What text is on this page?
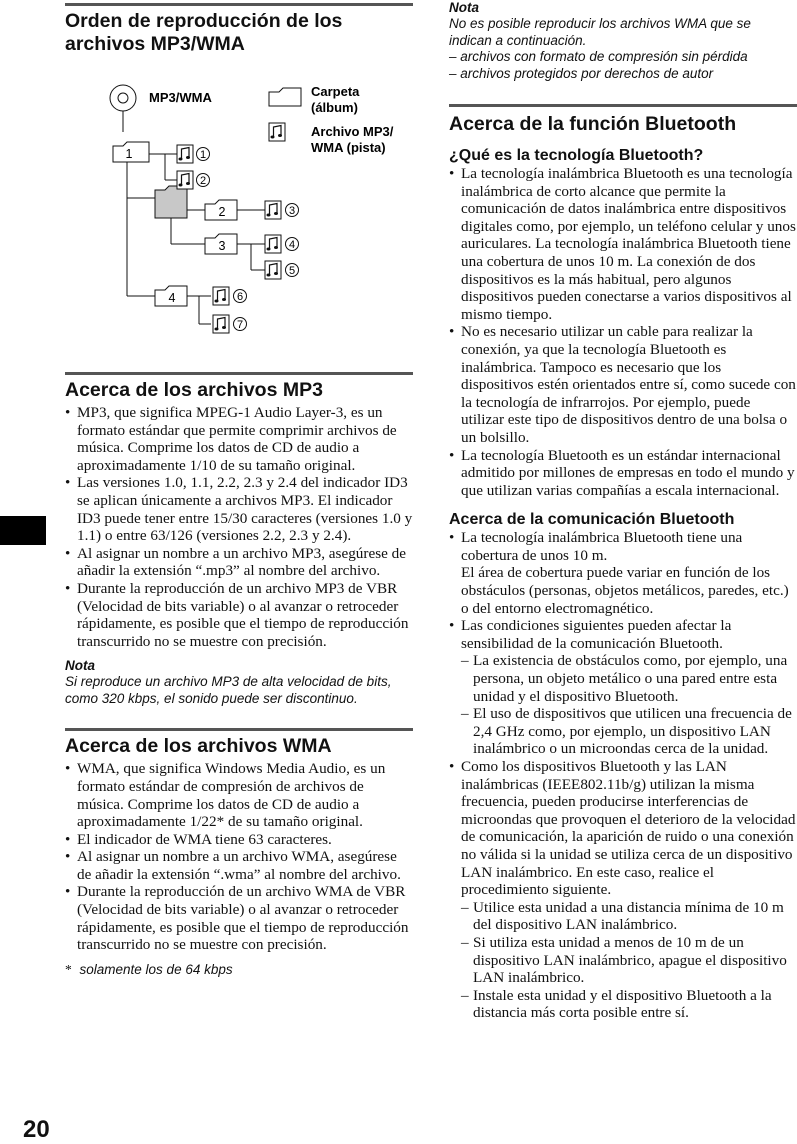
Orden de reproducción de los
archivos MP3/WMA
MP3/WMA	Carpeta
(álbum)
Archivo MP3/
WMA (pista)
1
2
3
4
1
2
3
4
5
6
7
Acerca de los archivos MP3
• MP3, que significa MPEG-1 Audio Layer-3, es un formato estándar que permite comprimir archivos de música. Comprime los datos de CD de audio a aproximadamente 1/10 de su tamaño original.
• Las versiones 1.0, 1.1, 2.2, 2.3 y 2.4 del indicador ID3 se aplican únicamente a archivos MP3. El indicador ID3 puede tener entre 15/30 caracteres (versiones 1.0 y 1.1) o entre 63/126 (versiones 2.2, 2.3 y 2.4).
• Al asignar un nombre a un archivo MP3, asegúrese de añadir la extensión “.mp3” al nombre del archivo.
• Durante la reproducción de un archivo MP3 de VBR (Velocidad de bits variable) o al avanzar o retroceder rápidamente, es posible que el tiempo de reproducción transcurrido no se muestre con precisión.
Nota
Si reproduce un archivo MP3 de alta velocidad de bits, como 320 kbps, el sonido puede ser discontinuo.
Acerca de los archivos WMA
• WMA, que significa Windows Media Audio, es un formato estándar de compresión de archivos de música. Comprime los datos de CD de audio a aproximadamente 1/22* de su tamaño original.
• El indicador de WMA tiene 63 caracteres.
• Al asignar un nombre a un archivo WMA, asegúrese de añadir la extensión “.wma” al nombre del archivo.
• Durante la reproducción de un archivo WMA de VBR (Velocidad de bits variable) o al avanzar o retroceder rápidamente, es posible que el tiempo de reproducción transcurrido no se muestre con precisión.
* solamente los de 64 kbps
Nota
No es posible reproducir los archivos WMA que se indican a continuación.
– archivos con formato de compresión sin pérdida
– archivos protegidos por derechos de autor
Acerca de la función Bluetooth
¿Qué es la tecnología Bluetooth?
• La tecnología inalámbrica Bluetooth es una tecnología inalámbrica de corto alcance que permite la comunicación de datos inalámbrica entre dispositivos digitales como, por ejemplo, un teléfono celular y unos auriculares. La tecnología inalámbrica Bluetooth tiene una cobertura de unos 10 m. La conexión de dos dispositivos es la más habitual, pero algunos dispositivos pueden conectarse a varios dispositivos al mismo tiempo.
• No es necesario utilizar un cable para realizar la conexión, ya que la tecnología Bluetooth es inalámbrica. Tampoco es necesario que los dispositivos estén orientados entre sí, como sucede con la tecnología de infrarrojos. Por ejemplo, puede utilizar este tipo de dispositivos dentro de una bolsa o un bolsillo.
• La tecnología Bluetooth es un estándar internacional admitido por millones de empresas en todo el mundo y que utilizan varias compañías a escala internacional.
Acerca de la comunicación Bluetooth
• La tecnología inalámbrica Bluetooth tiene una cobertura de unos 10 m.
El área de cobertura puede variar en función de los obstáculos (personas, objetos metálicos, paredes, etc.) o del entorno electromagnético.
• Las condiciones siguientes pueden afectar la sensibilidad de la comunicación Bluetooth.
– La existencia de obstáculos como, por ejemplo, una persona, un objeto metálico o una pared entre esta unidad y el dispositivo Bluetooth.
– El uso de dispositivos que utilicen una frecuencia de 2,4 GHz como, por ejemplo, un dispositivo LAN inalámbrico o un microondas cerca de la unidad.
• Como los dispositivos Bluetooth y las LAN inalámbricas (IEEE802.11b/g) utilizan la misma frecuencia, pueden producirse interferencias de microondas que provoquen el deterioro de la velocidad de comunicación, la aparición de ruido o una conexión no válida si la unidad se utiliza cerca de un dispositivo LAN inalámbrico. En este caso, realice el procedimiento siguiente.
– Utilice esta unidad a una distancia mínima de 10 m del dispositivo LAN inalámbrico.
– Si utiliza esta unidad a menos de 10 m de un dispositivo LAN inalámbrico, apague el dispositivo LAN inalámbrico.
– Instale esta unidad y el dispositivo Bluetooth a la distancia más corta posible entre sí.
20
